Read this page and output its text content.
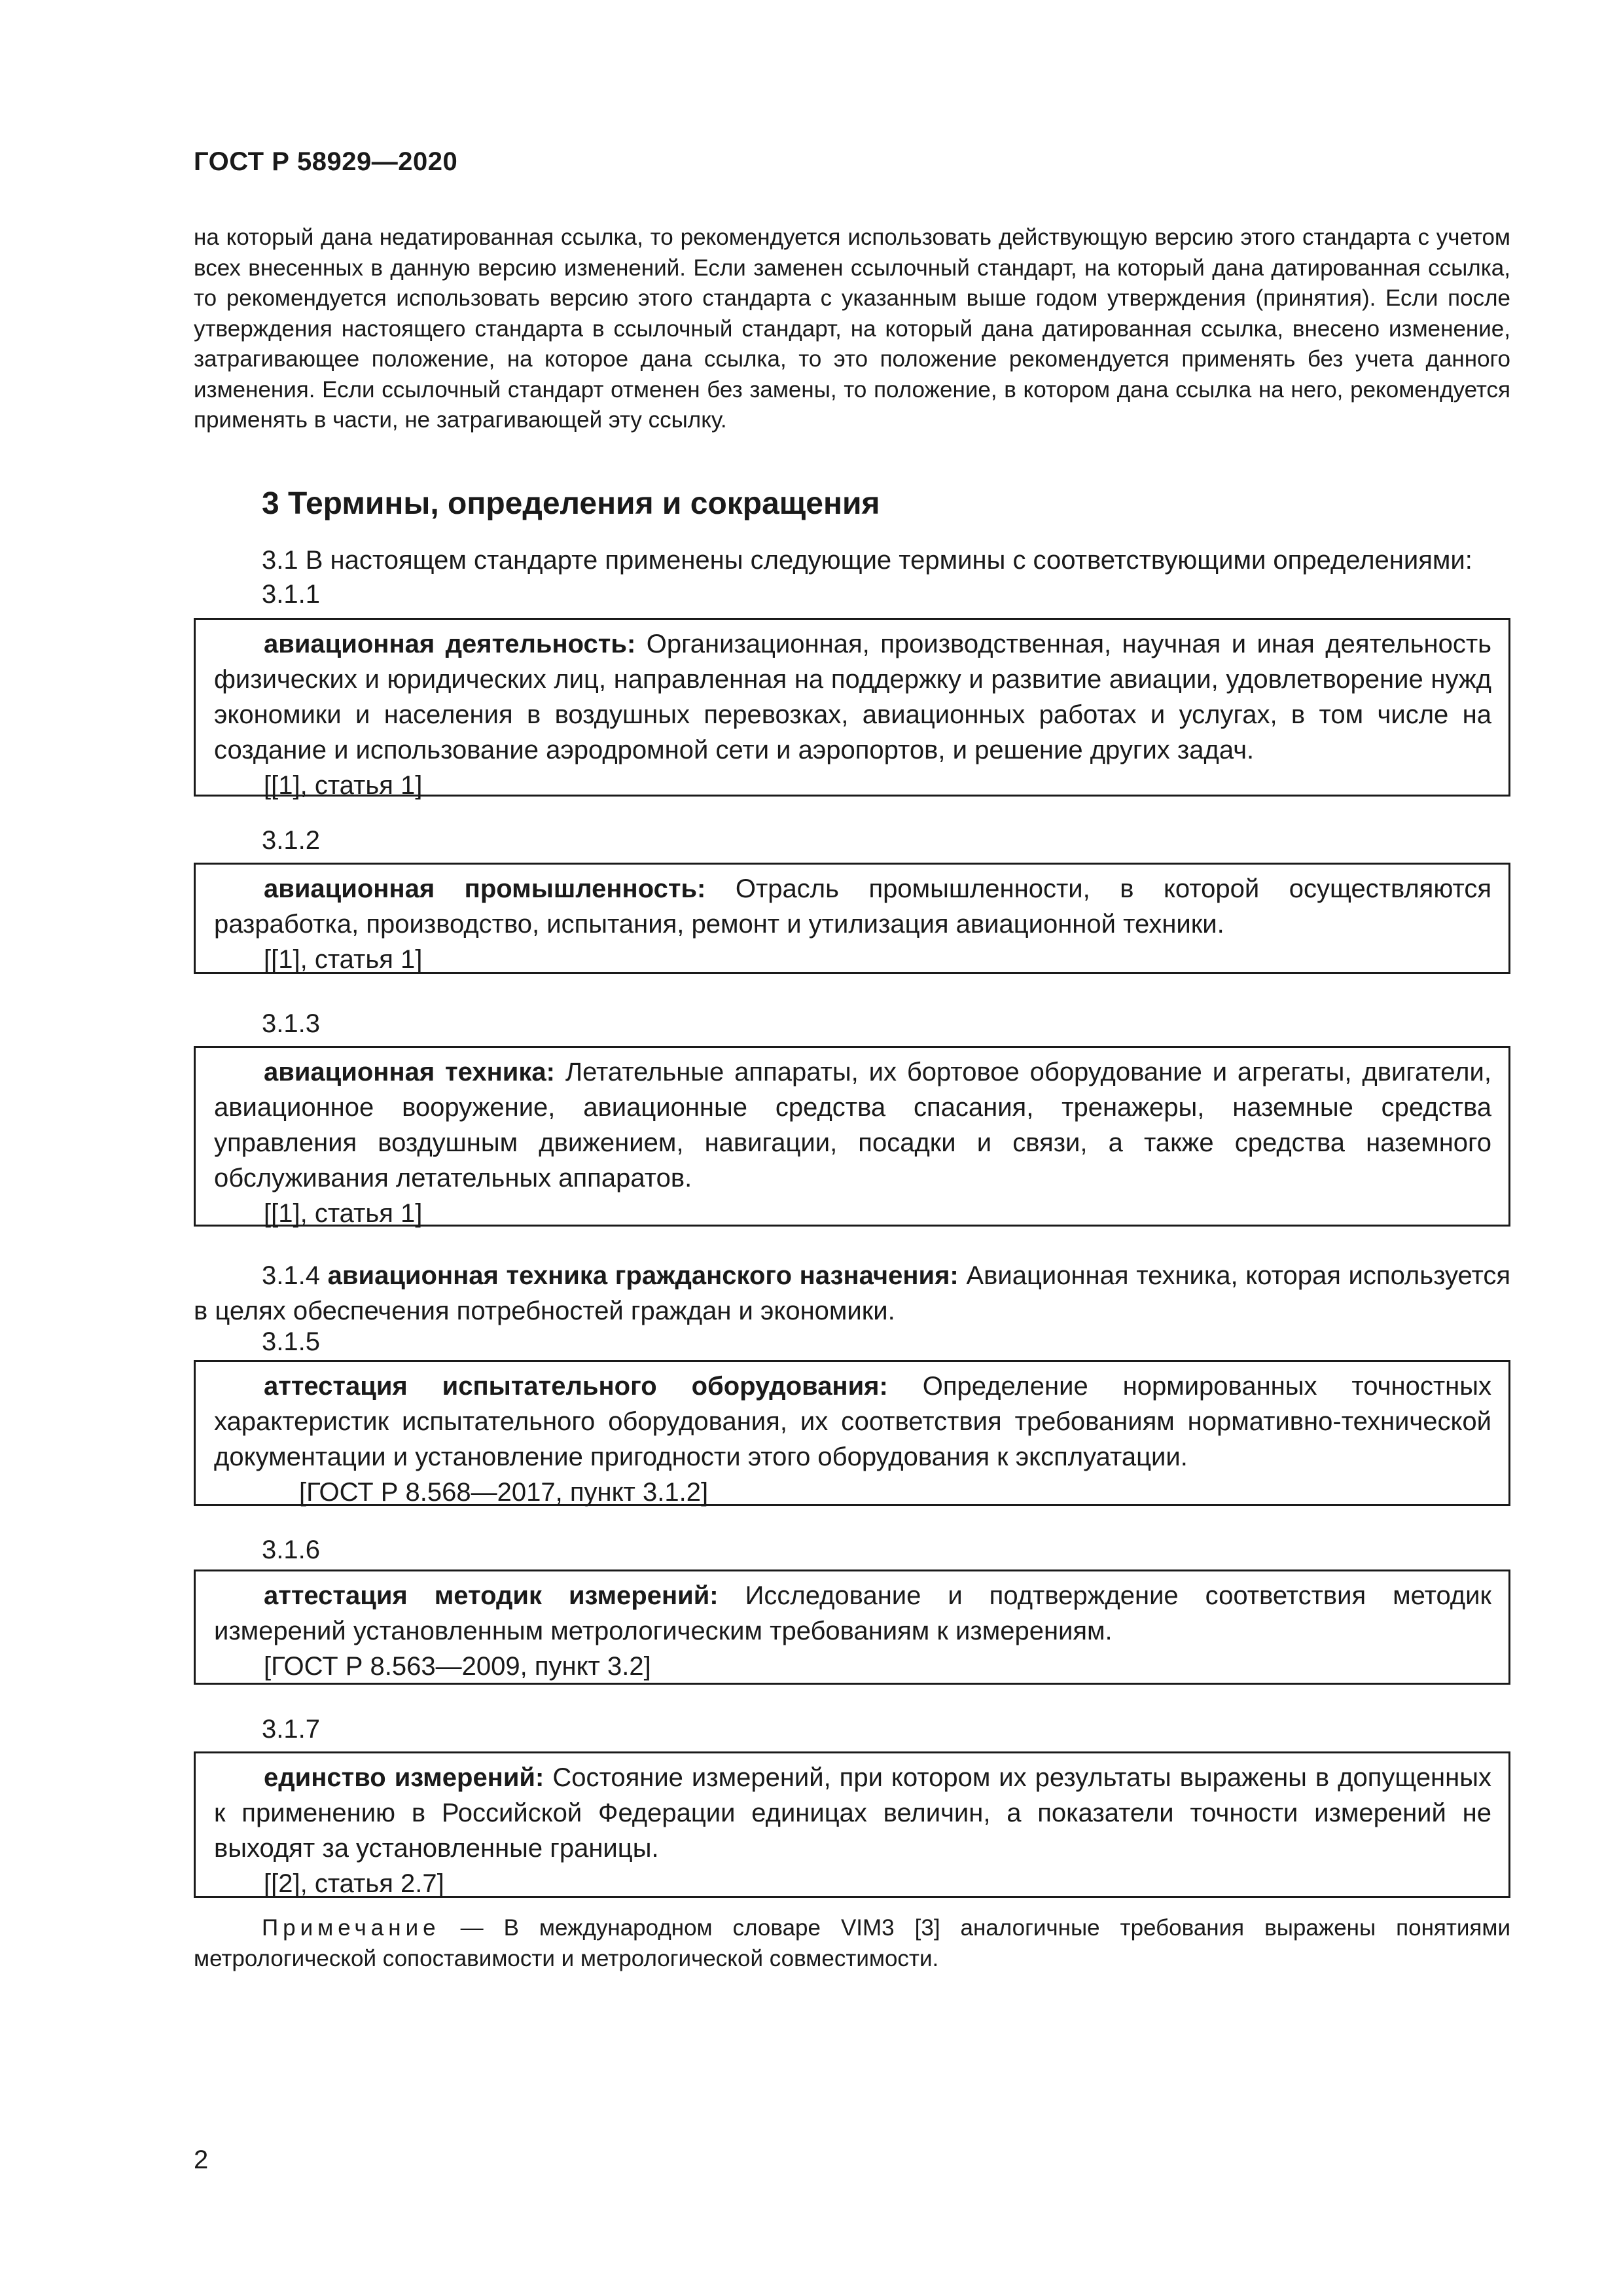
ГОСТ Р 58929—2020

на который дана недатированная ссылка, то рекомендуется использовать действующую версию этого стандарта с учетом всех внесенных в данную версию изменений. Если заменен ссылочный стандарт, на который дана датированная ссылка, то рекомендуется использовать версию этого стандарта с указанным выше годом утверждения (принятия). Если после утверждения настоящего стандарта в ссылочный стандарт, на который дана датированная ссылка, внесено изменение, затрагивающее положение, на которое дана ссылка, то это положение рекомендуется применять без учета данного изменения. Если ссылочный стандарт отменен без замены, то положение, в котором дана ссылка на него, рекомендуется применять в части, не затрагивающей эту ссылку.

3 Термины, определения и сокращения
3.1 В настоящем стандарте применены следующие термины с соответствующими определениями:
3.1.1

авиационная деятельность: Организационная, производственная, научная и иная деятельность физических и юридических лиц, направленная на поддержку и развитие авиации, удовлетворение нужд экономики и населения в воздушных перевозках, авиационных работах и услугах, в том числе на создание и использование аэродромной сети и аэропортов, и решение других задач.

[[1], статья 1]
3.1.2

авиационная промышленность: Отрасль промышленности, в которой осуществляются разработка, производство, испытания, ремонт и утилизация авиационной техники.

[[1], статья 1]
3.1.3

авиационная техника: Летательные аппараты, их бортовое оборудование и агрегаты, двигатели, авиационное вооружение, авиационные средства спасания, тренажеры, наземные средства управления воздушным движением, навигации, посадки и связи, а также средства наземного обслуживания летательных аппаратов.

[[1], статья 1]

3.1.4 авиационная техника гражданского назначения: Авиационная техника, которая используется в целях обеспечения потребностей граждан и экономики.

3.1.5

аттестация испытательного оборудования: Определение нормированных точностных характеристик испытательного оборудования, их соответствия требованиям нормативно-технической документации и установление пригодности этого оборудования к эксплуатации.

[ГОСТ Р 8.568—2017, пункт 3.1.2]
3.1.6

аттестация методик измерений: Исследование и подтверждение соответствия методик измерений установленным метрологическим требованиям к измерениям.

[ГОСТ Р 8.563—2009, пункт 3.2]
3.1.7

единство измерений: Состояние измерений, при котором их результаты выражены в допущенных к применению в Российской Федерации единицах величин, а показатели точности измерений не выходят за установленные границы.

[[2], статья 2.7]

Примечание — В международном словаре VIM3 [3] аналогичные требования выражены понятиями метрологической сопоставимости и метрологической совместимости.

2
